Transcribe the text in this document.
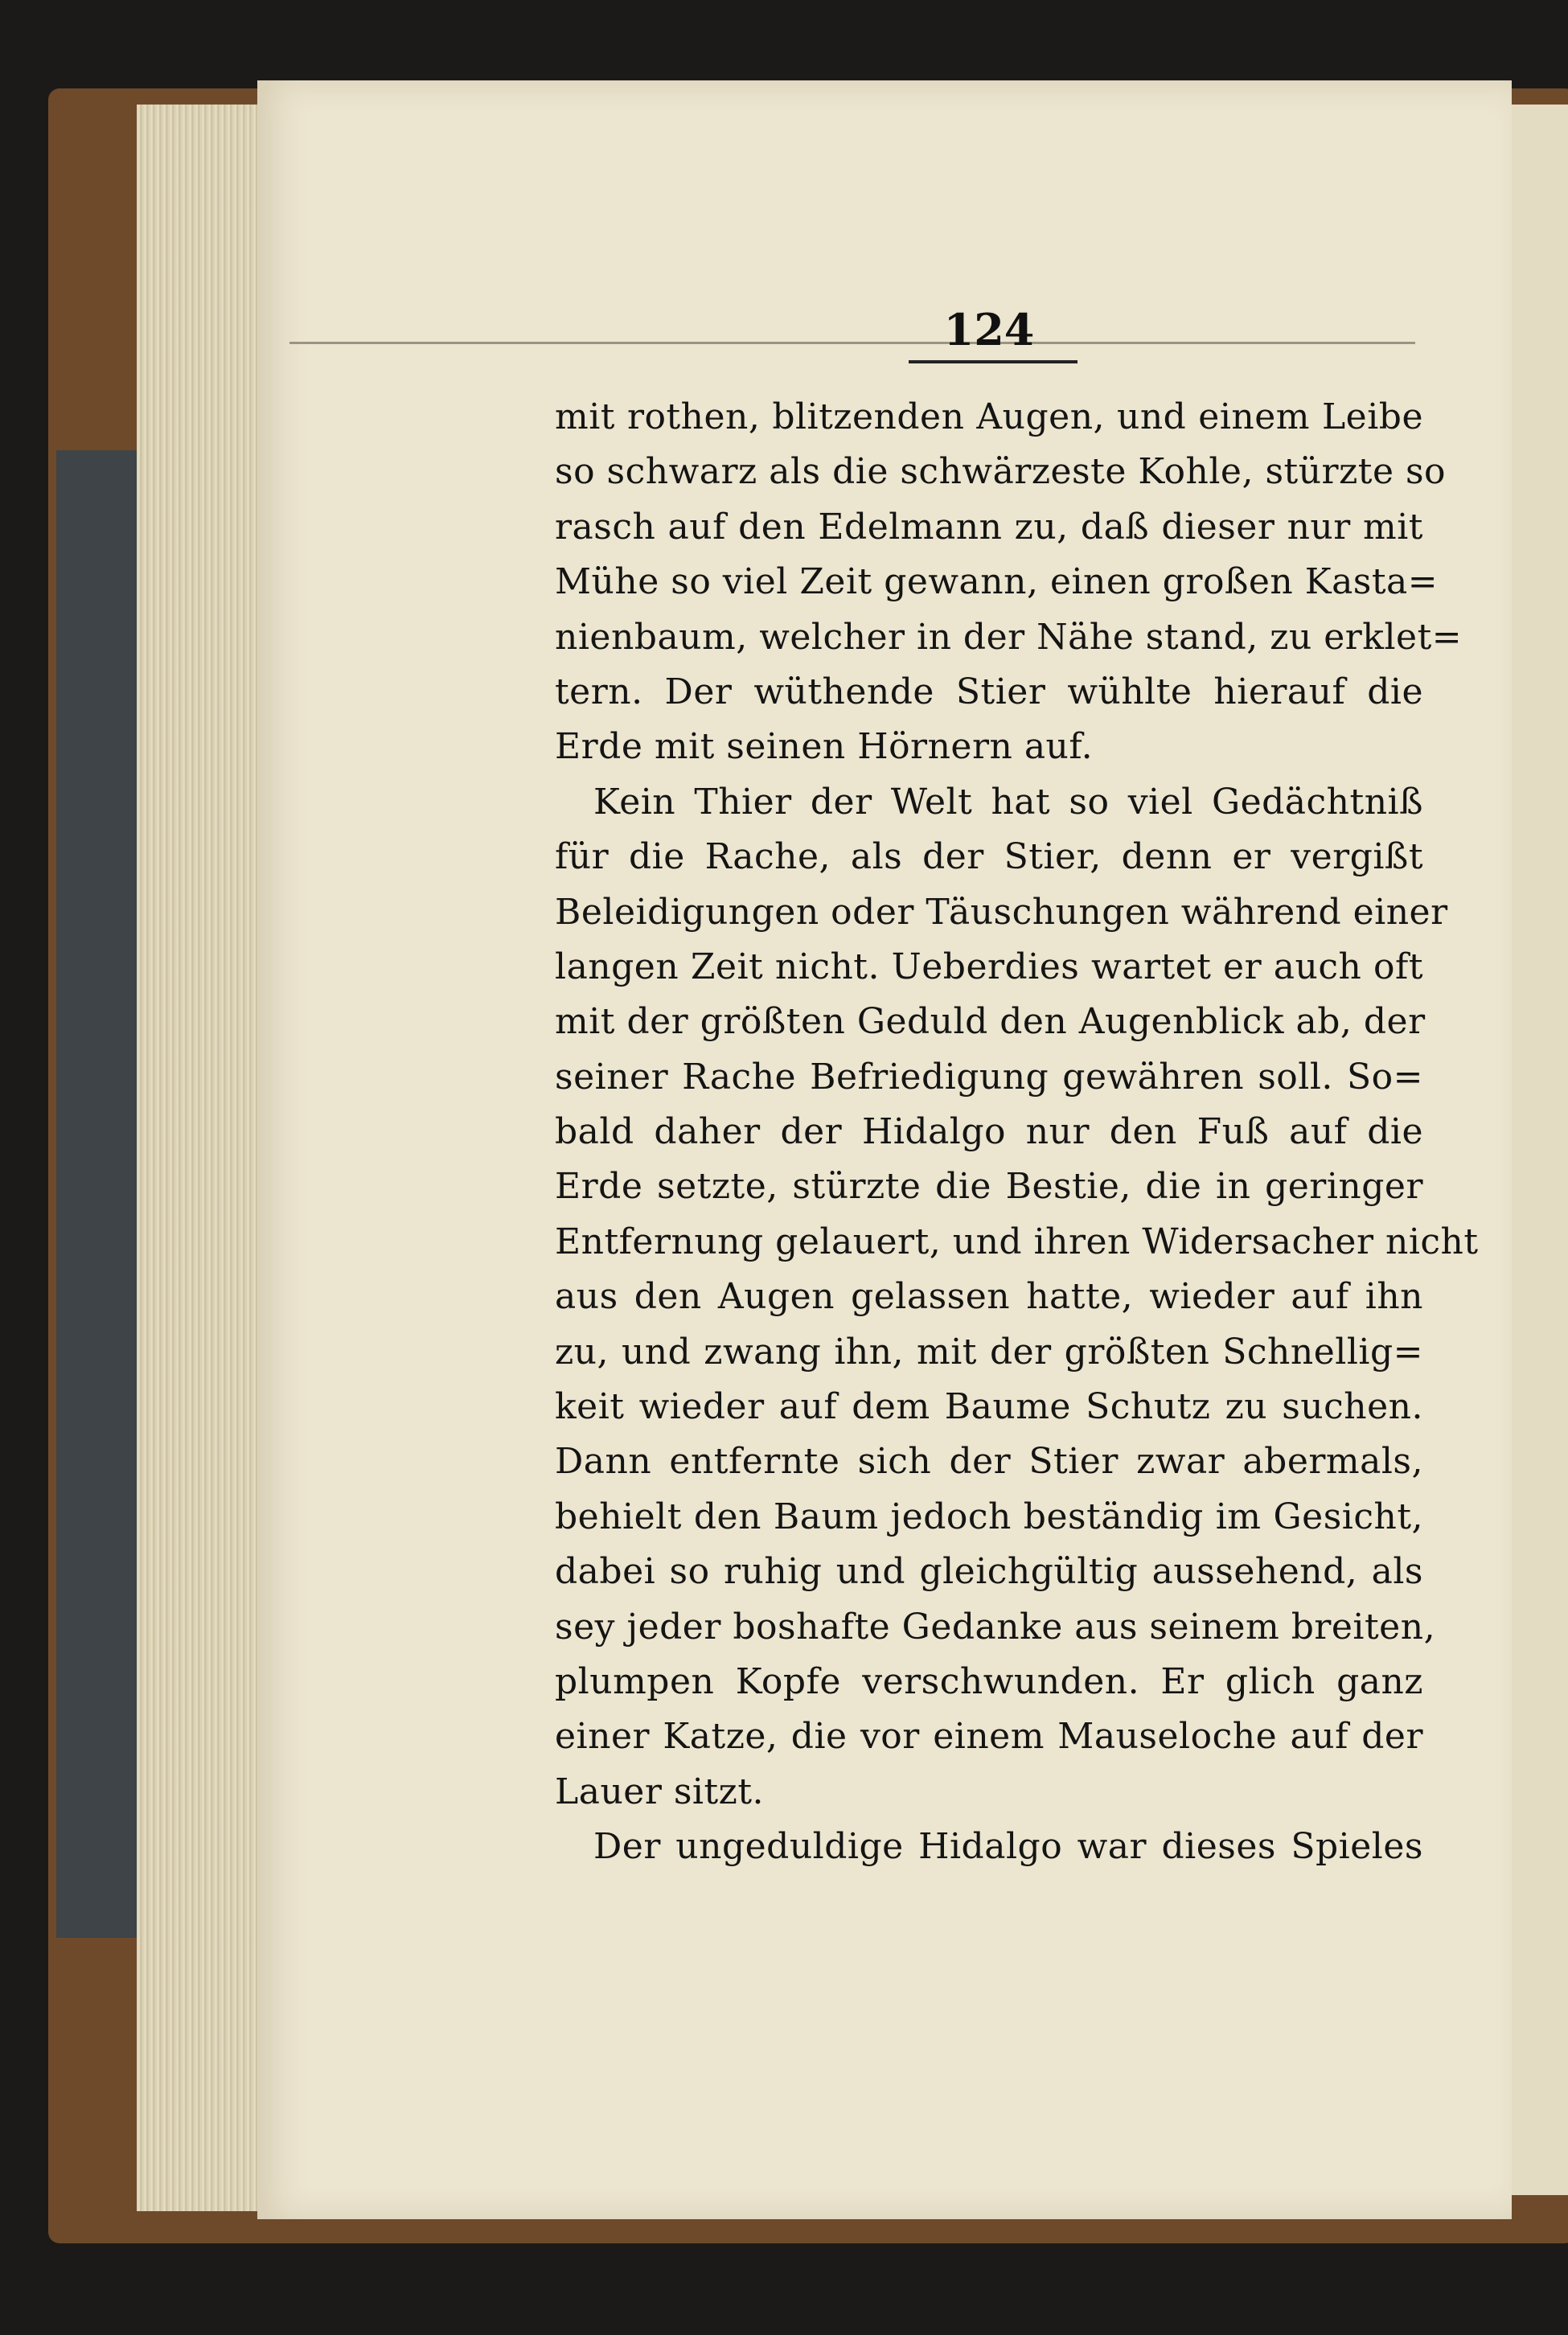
124

mit rothen, blitzenden Augen, und einem Leibe
so schwarz als die schwärzeste Kohle, stürzte so
rasch auf den Edelmann zu, daß dieser nur mit
Mühe so viel Zeit gewann, einen großen Kasta=
nienbaum, welcher in der Nähe stand, zu erklet=
tern. Der wüthende Stier wühlte hierauf die
Erde mit seinen Hörnern auf.
Kein Thier der Welt hat so viel Gedächtniß
für die Rache, als der Stier, denn er vergißt
Beleidigungen oder Täuschungen während einer
langen Zeit nicht. Ueberdies wartet er auch oft
mit der größten Geduld den Augenblick ab, der
seiner Rache Befriedigung gewähren soll. So=
bald daher der Hidalgo nur den Fuß auf die
Erde setzte, stürzte die Bestie, die in geringer
Entfernung gelauert, und ihren Widersacher nicht
aus den Augen gelassen hatte, wieder auf ihn
zu, und zwang ihn, mit der größten Schnellig=
keit wieder auf dem Baume Schutz zu suchen.
Dann entfernte sich der Stier zwar abermals,
behielt den Baum jedoch beständig im Gesicht,
dabei so ruhig und gleichgültig aussehend, als
sey jeder boshafte Gedanke aus seinem breiten,
plumpen Kopfe verschwunden. Er glich ganz
einer Katze, die vor einem Mauseloche auf der
Lauer sitzt.
Der ungeduldige Hidalgo war dieses Spieles
